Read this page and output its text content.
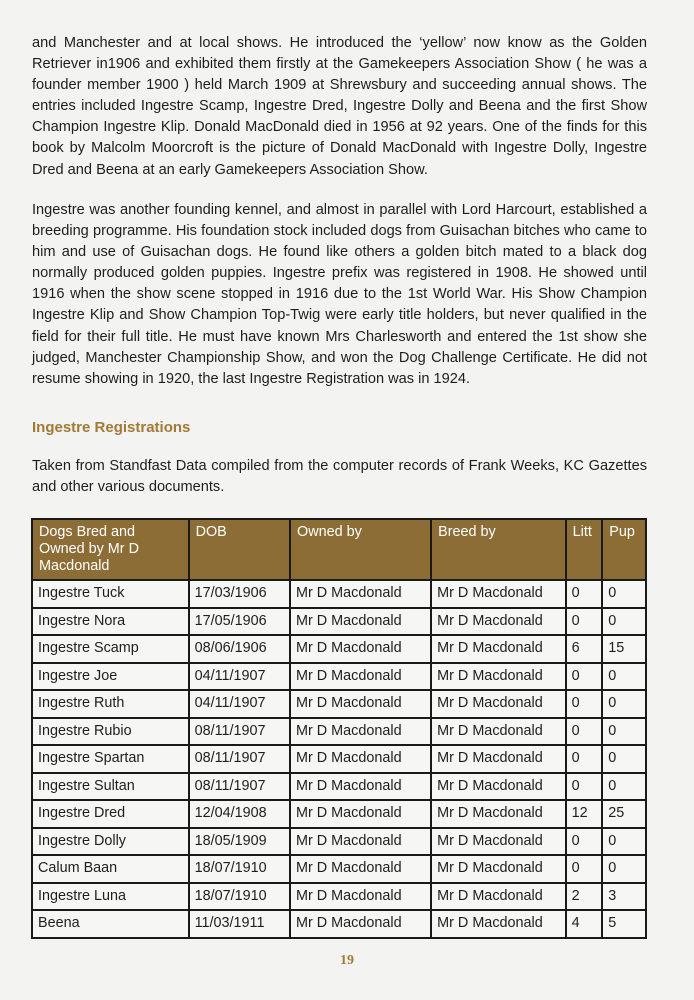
and Manchester and at local shows. He introduced the ‘yellow’ now know as the Golden Retriever in1906 and exhibited them firstly at the Gamekeepers Association Show ( he was a founder member 1900 ) held March 1909 at Shrewsbury and succeeding annual shows. The entries included Ingestre Scamp, Ingestre Dred, Ingestre Dolly and Beena and the first Show Champion Ingestre Klip. Donald MacDonald died in 1956 at 92 years. One of the finds for this book by Malcolm Moorcroft is the picture of Donald MacDonald with Ingestre Dolly, Ingestre Dred and Beena at an early Gamekeepers Association Show.

Ingestre was another founding kennel, and almost in parallel with Lord Harcourt, established a breeding programme. His foundation stock included dogs from Guisachan bitches who came to him and use of Guisachan dogs. He found like others a golden bitch mated to a black dog normally produced golden puppies. Ingestre prefix was registered in 1908. He showed until 1916 when the show scene stopped in 1916 due to the 1st World War. His Show Champion Ingestre Klip and Show Champion Top-Twig were early title holders, but never qualified in the field for their full title. He must have known Mrs Charlesworth and entered the 1st show she judged, Manchester Championship Show, and won the Dog Challenge Certificate. He did not resume showing in 1920, the last Ingestre Registration was in 1924.

Ingestre Registrations

Taken from Standfast Data compiled from the computer records of Frank Weeks, KC Gazettes and other various documents.

Dogs Bred and Owned by Mr D Macdonald	DOB	Owned by	Breed by	Litt	Pup
Ingestre Tuck	17/03/1906	Mr D Macdonald	Mr D Macdonald	0	0
Ingestre Nora	17/05/1906	Mr D Macdonald	Mr D Macdonald	0	0
Ingestre Scamp	08/06/1906	Mr D Macdonald	Mr D Macdonald	6	15
Ingestre Joe	04/11/1907	Mr D Macdonald	Mr D Macdonald	0	0
Ingestre Ruth	04/11/1907	Mr D Macdonald	Mr D Macdonald	0	0
Ingestre Rubio	08/11/1907	Mr D Macdonald	Mr D Macdonald	0	0
Ingestre Spartan	08/11/1907	Mr D Macdonald	Mr D Macdonald	0	0
Ingestre Sultan	08/11/1907	Mr D Macdonald	Mr D Macdonald	0	0
Ingestre Dred	12/04/1908	Mr D Macdonald	Mr D Macdonald	12	25
Ingestre Dolly	18/05/1909	Mr D Macdonald	Mr D Macdonald	0	0
Calum Baan	18/07/1910	Mr D Macdonald	Mr D Macdonald	0	0
Ingestre Luna	18/07/1910	Mr D Macdonald	Mr D Macdonald	2	3
Beena	11/03/1911	Mr D Macdonald	Mr D Macdonald	4	5
19
